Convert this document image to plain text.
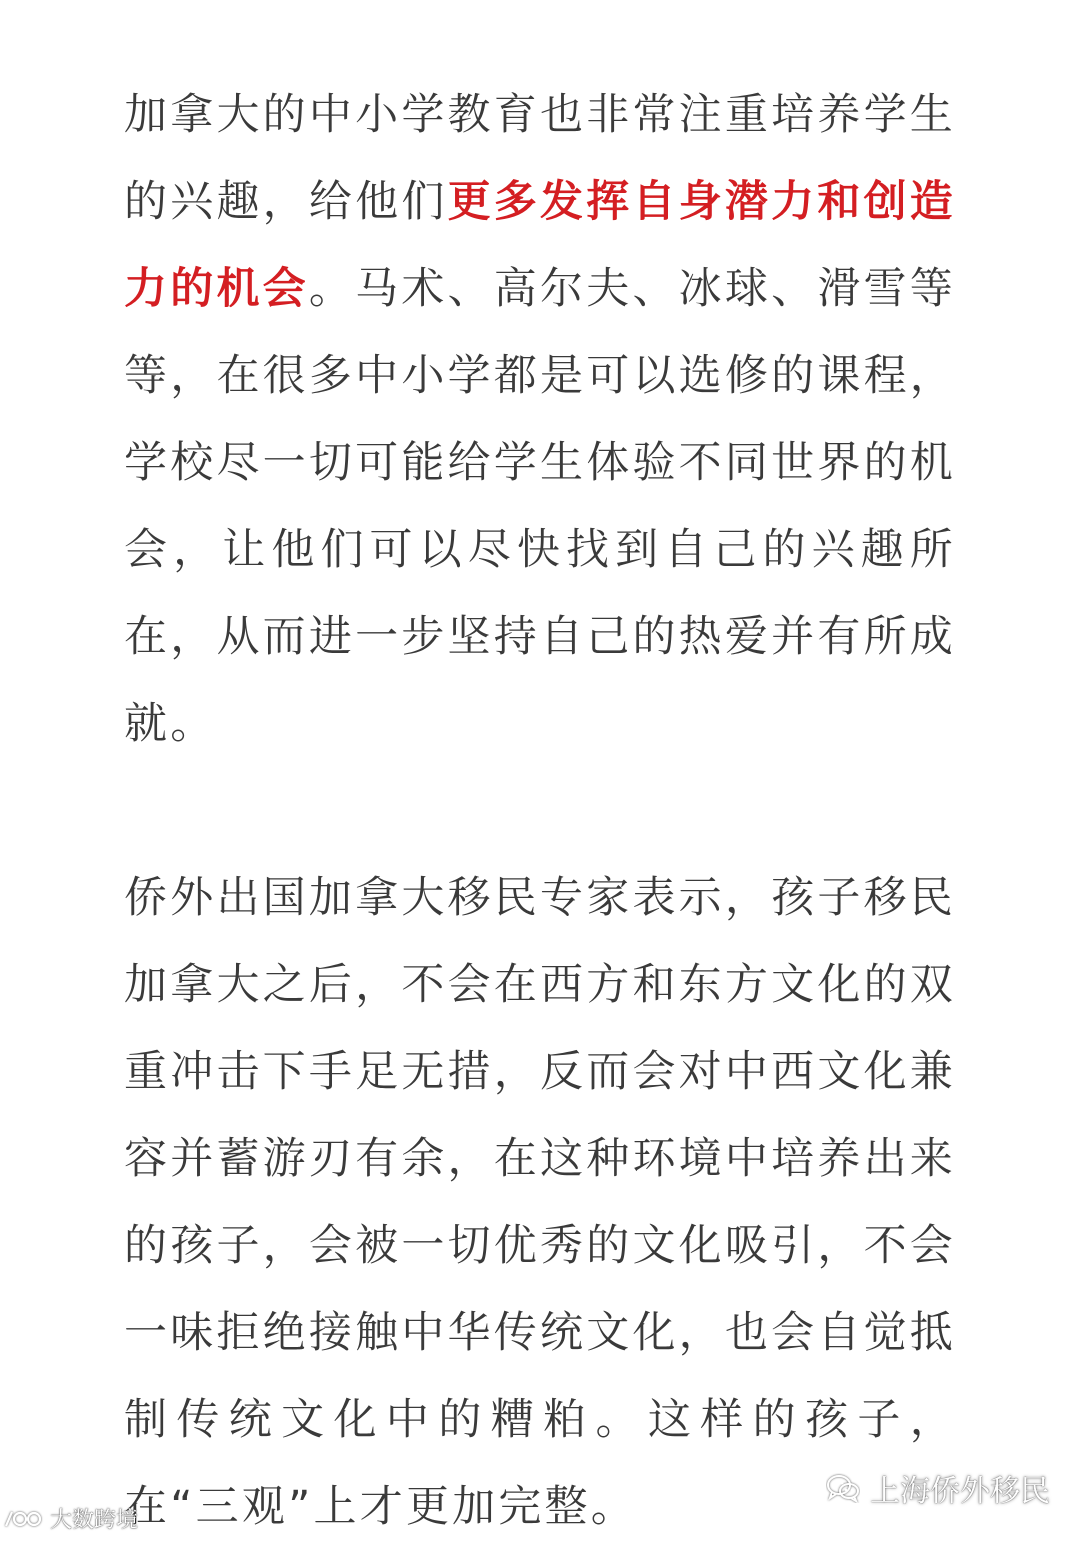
加拿大的中小学教育也非常注重培养学生的兴趣，给他们更多发挥自身潜力和创造力的机会。马术、高尔夫、冰球、滑雪等等，在很多中小学都是可以选修的课程，学校尽一切可能给学生体验不同世界的机会，让他们可以尽快找到自己的兴趣所在，从而进一步坚持自己的热爱并有所成就。

侨外出国加拿大移民专家表示，孩子移民加拿大之后，不会在西方和东方文化的双重冲击下手足无措，反而会对中西文化兼容并蓄游刃有余，在这种环境中培养出来的孩子，会被一切优秀的文化吸引，不会一味拒绝接触中华传统文化，也会自觉抵制传统文化中的糟粕。这样的孩子，在“三观”上才更加完整。

大数跨境
上海侨外移民
